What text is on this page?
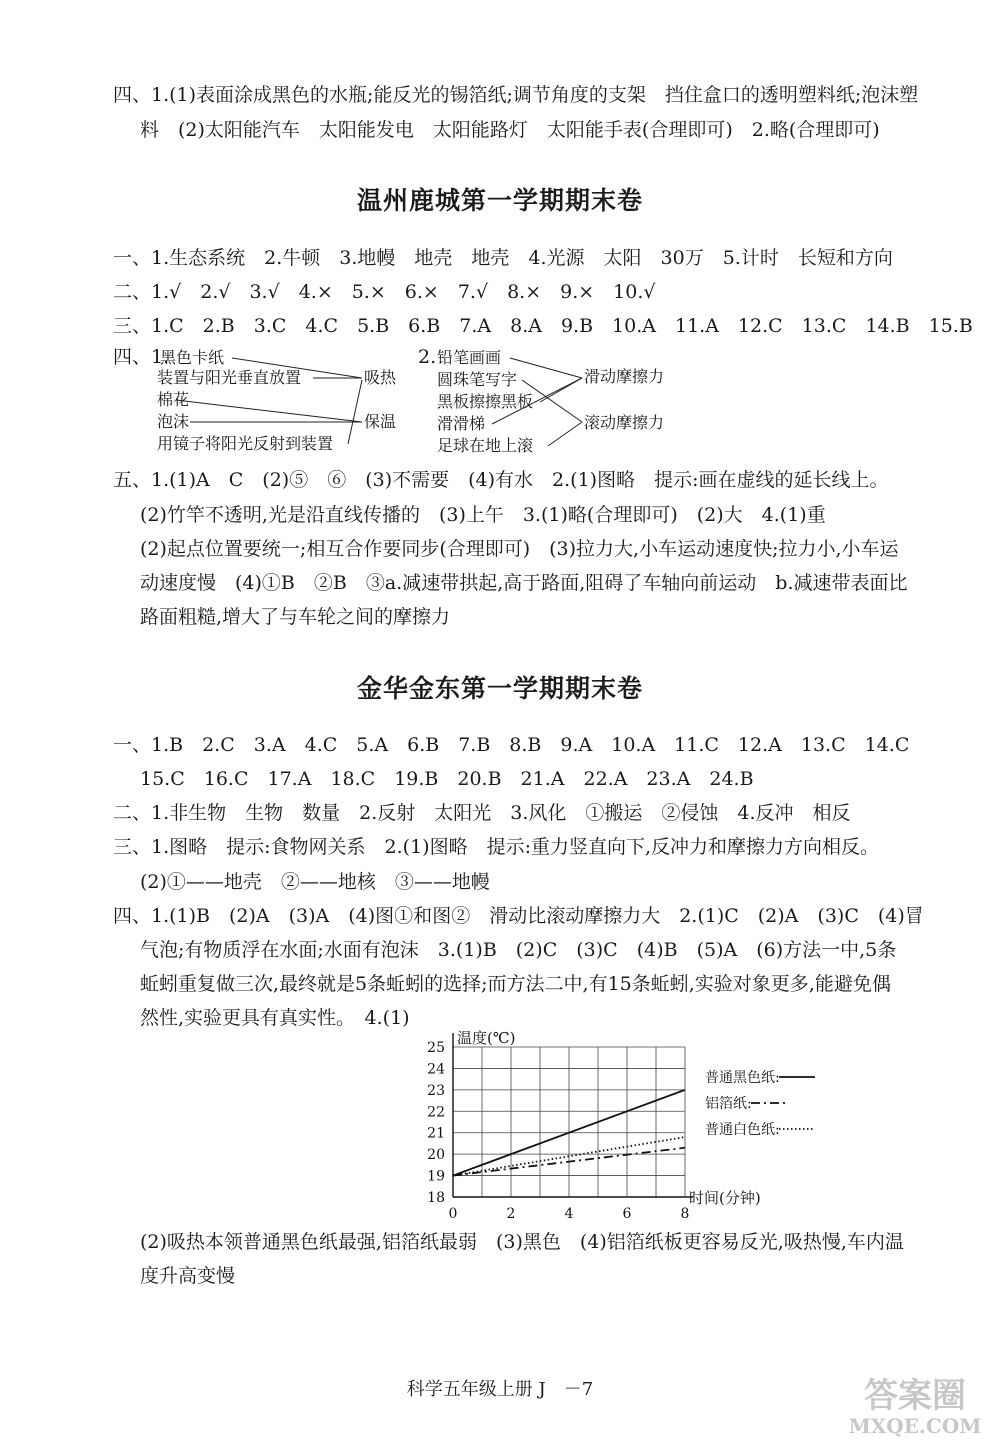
四、1.(1)表面涂成黑色的水瓶;能反光的锡箔纸;调节角度的支架　挡住盒口的透明塑料纸;泡沫塑
料　(2)太阳能汽车　太阳能发电　太阳能路灯　太阳能手表(合理即可)　2.略(合理即可)
温州鹿城第一学期期末卷
一、1.生态系统　2.牛顿　3.地幔　地壳　地壳　4.光源　太阳　30万　5.计时　长短和方向
二、1.√　2.√　3.√　4.×　5.×　6.×　7.√　8.×　9.×　10.√
三、1.C　2.B　3.C　4.C　5.B　6.B　7.A　8.A　9.B　10.A　11.A　12.C　13.C　14.B　15.B
四、1.
黑色卡纸
装置与阳光垂直放置
棉花
泡沫
用镜子将阳光反射到装置
吸热
保温
2. 铅笔画画
圆珠笔写字
黑板擦擦黑板
滑滑梯
足球在地上滚
滑动摩擦力
滚动摩擦力
五、1.(1)A　C　(2)⑤　⑥　(3)不需要　(4)有水　2.(1)图略　提示:画在虚线的延长线上。
(2)竹竿不透明,光是沿直线传播的　(3)上午　3.(1)略(合理即可)　(2)大　4.(1)重
(2)起点位置要统一;相互合作要同步(合理即可)　(3)拉力大,小车运动速度快;拉力小,小车运
动速度慢　(4)①B　②B　③a.减速带拱起,高于路面,阻碍了车轴向前运动　b.减速带表面比
路面粗糙,增大了与车轮之间的摩擦力
金华金东第一学期期末卷
一、1.B　2.C　3.A　4.C　5.A　6.B　7.B　8.B　9.A　10.A　11.C　12.A　13.C　14.C
15.C　16.C　17.A　18.C　19.B　20.B　21.A　22.A　23.A　24.B
二、1.非生物　生物　数量　2.反射　太阳光　3.风化　①搬运　②侵蚀　4.反冲　相反
三、1.图略　提示:食物网关系　2.(1)图略　提示:重力竖直向下,反冲力和摩擦力方向相反。
(2)①——地壳　②——地核　③——地幔
四、1.(1)B　(2)A　(3)A　(4)图①和图②　滑动比滚动摩擦力大　2.(1)C　(2)A　(3)C　(4)冒
气泡;有物质浮在水面;水面有泡沫　3.(1)B　(2)C　(3)C　(4)B　(5)A　(6)方法一中,5条
蚯蚓重复做三次,最终就是5条蚯蚓的选择;而方法二中,有15条蚯蚓,实验对象更多,能避免偶
然性,实验更具有真实性。　4.(1)
18
19
20
21
22
23
24
25
0	2	4	6	8
温度(℃)
时间(分钟)
普通黑色纸:
铝箔纸:
普通白色纸:
(2)吸热本领普通黑色纸最强,铝箔纸最弱　(3)黑色　(4)铝箔纸板更容易反光,吸热慢,车内温
度升高变慢
科学五年级上册 J　－7	答案圈
MXQE.COM
